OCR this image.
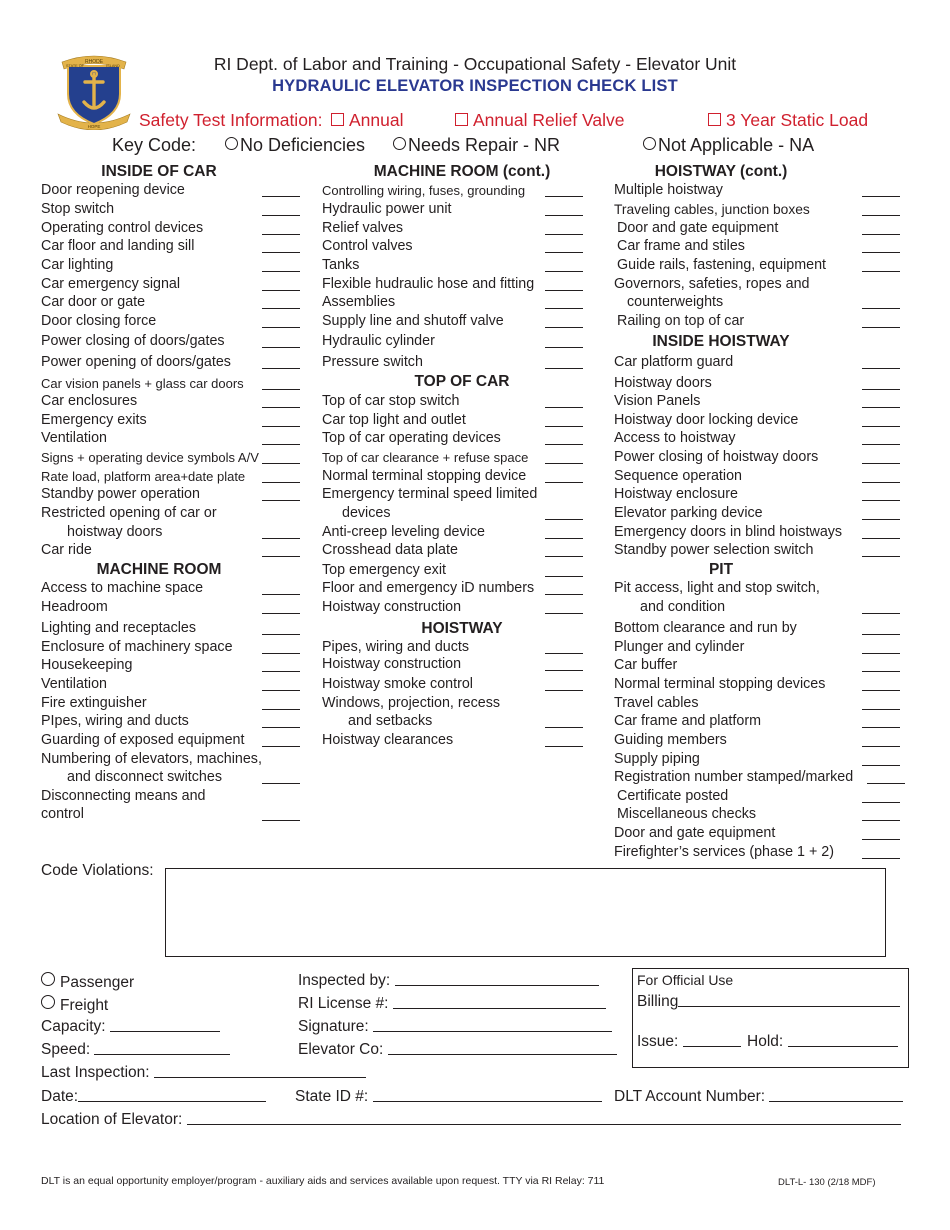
RHODE
STATE OF	ISLAND
HOPE
RI Dept. of Labor and Training - Occupational Safety - Elevator Unit
HYDRAULIC ELEVATOR INSPECTION CHECK LIST
Safety Test Information:	Annual	Annual Relief Valve	3 Year Static Load
Key Code:	No Deficiencies	Needs Repair - NR	Not Applicable - NA
INSIDE OF CAR
Door reopening device
Stop switch
Operating control devices
Car floor and landing sill
Car lighting
Car emergency signal
Car door or gate
Door closing force
Power closing of doors/gates
Power opening of doors/gates
Car vision panels + glass car doors
Car enclosures
Emergency exits
Ventilation
Signs + operating device symbols A/V
Rate load, platform area+date plate
Standby power operation
Restricted opening of car or
hoistway doors
Car ride
MACHINE ROOM
Access to machine space
Headroom
Lighting and receptacles
Enclosure of machinery space
Housekeeping
Ventilation
Fire extinguisher
PIpes, wiring and ducts
Guarding of exposed equipment
Numbering of elevators, machines,
and disconnect switches
Disconnecting means and
control
MACHINE ROOM (cont.)
Controlling wiring, fuses, grounding
Hydraulic power unit
Relief valves
Control valves
Tanks
Flexible hudraulic hose and fitting
Assemblies
Supply line and shutoff valve
Hydraulic cylinder
Pressure switch
TOP OF CAR
Top of car stop switch
Car top light and outlet
Top of car operating devices
Top of car clearance + refuse space
Normal terminal stopping device
Emergency terminal speed limited
devices
Anti-creep leveling device
Crosshead data plate
Top emergency exit
Floor and emergency iD numbers
Hoistway construction
HOISTWAY
Pipes, wiring and ducts
Hoistway construction
Hoistway smoke control
Windows, projection, recess
and setbacks
Hoistway clearances
HOISTWAY (cont.)
Multiple hoistway
Traveling cables, junction boxes
Door and gate equipment
Car frame and stiles
Guide rails, fastening, equipment
Governors, safeties, ropes and
counterweights
Railing on top of car
INSIDE HOISTWAY
Car platform guard
Hoistway doors
Vision Panels
Hoistway door locking device
Access to hoistway
Power closing of hoistway doors
Sequence operation
Hoistway enclosure
Elevator parking device
Emergency doors in blind hoistways
Standby power selection switch
PIT
Pit access, light and stop switch,
and condition
Bottom clearance and run by
Plunger and cylinder
Car buffer
Normal terminal stopping devices
Travel cables
Car frame and platform
Guiding members
Supply piping
Registration number stamped/marked
Certificate posted
Miscellaneous checks
Door and gate equipment
Firefighter’s services (phase 1 + 2)
Code Violations:
Passenger
Freight
Capacity:
Speed:
Last Inspection:
Date:
Location of Elevator:
Inspected by:
RI License #:
Signature:
Elevator Co:
State ID #:	DLT Account Number:
For Official Use
Billing
Issue:	Hold:
DLT is an equal opportunity employer/program - auxiliary aids and services available upon request. TTY via RI Relay: 711	DLT-L- 130 (2/18 MDF)
